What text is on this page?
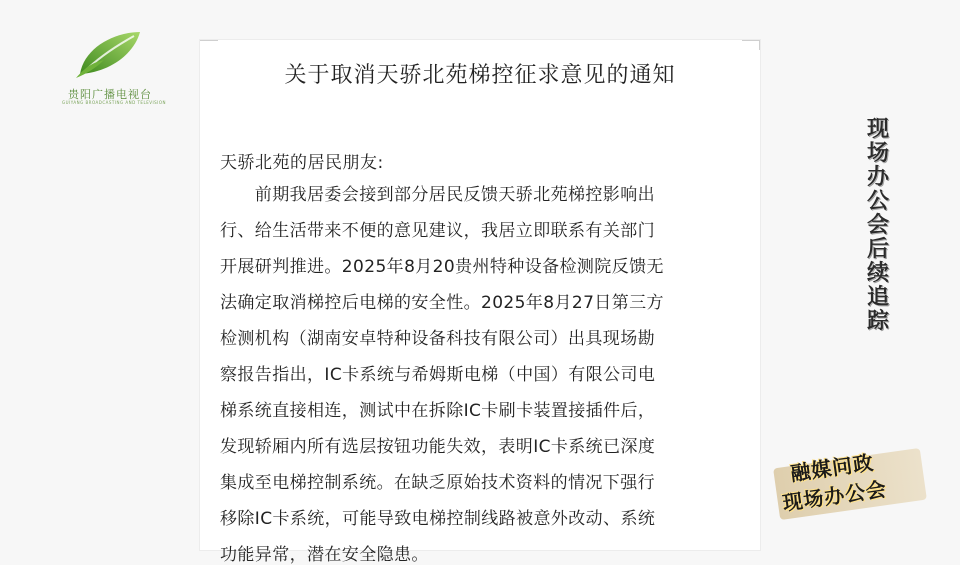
贵阳广播电视台
GUIYANG BROADCASTING AND TELEVISION
关于取消天骄北苑梯控征求意见的通知
天骄北苑的居民朋友:
　　前期我居委会接到部分居民反馈天骄北苑梯控影响出
行、给生活带来不便的意见建议，我居立即联系有关部门
开展研判推进。2025年8月20贵州特种设备检测院反馈无
法确定取消梯控后电梯的安全性。2025年8月27日第三方
检测机构（湖南安卓特种设备科技有限公司）出具现场勘
察报告指出，IC卡系统与希姆斯电梯（中国）有限公司电
梯系统直接相连，测试中在拆除IC卡刷卡装置接插件后，
发现轿厢内所有选层按钮功能失效，表明IC卡系统已深度
集成至电梯控制系统。在缺乏原始技术资料的情况下强行
移除IC卡系统，可能导致电梯控制线路被意外改动、系统
功能异常，潜在安全隐患。
现
场
办
公
会
后
续
追
踪
融媒问政
现场办公会
